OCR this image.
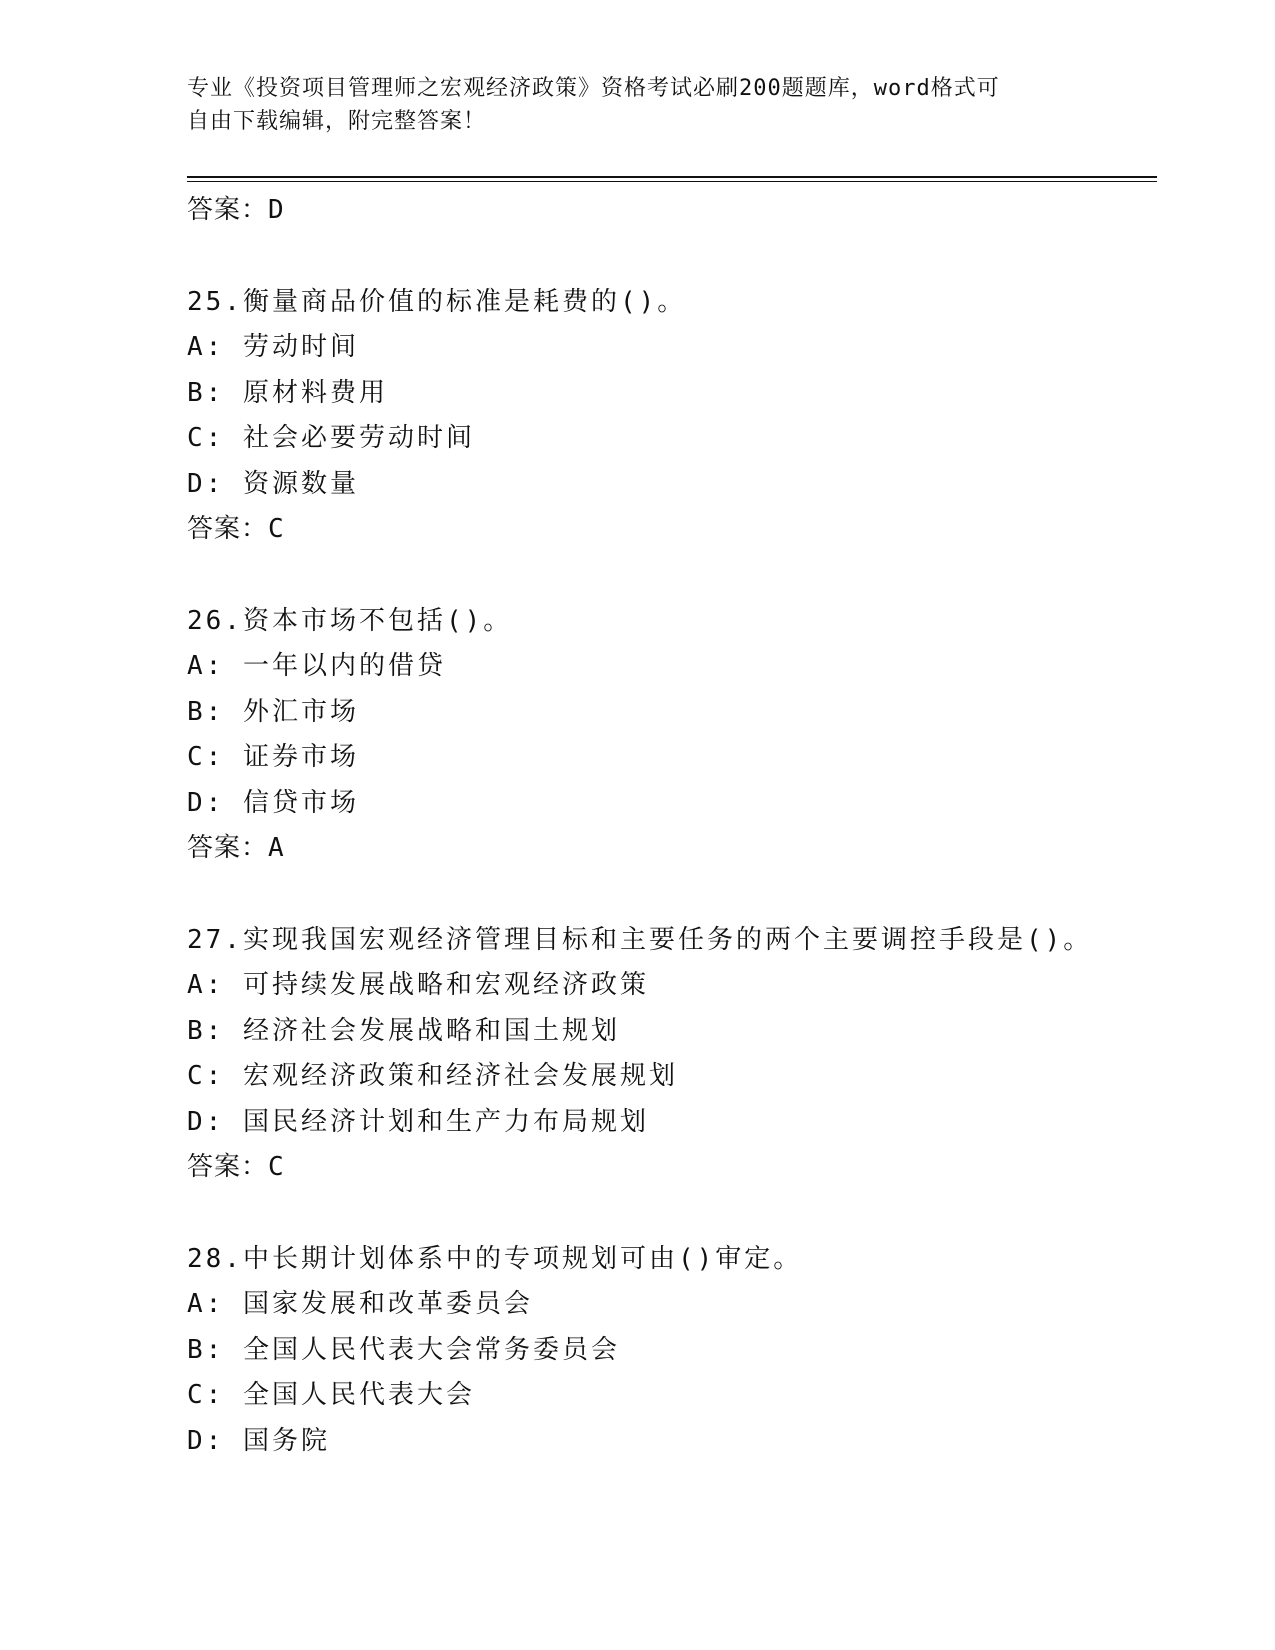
专业《投资项目管理师之宏观经济政策》资格考试必刷200题题库，word格式可

自由下载编辑，附完整答案！

答案：D
25.衡量商品价值的标准是耗费的()。
A: 劳动时间
B: 原材料费用
C: 社会必要劳动时间
D: 资源数量
答案：C
26.资本市场不包括()。
A: 一年以内的借贷
B: 外汇市场
C: 证券市场
D: 信贷市场
答案：A
27.实现我国宏观经济管理目标和主要任务的两个主要调控手段是()。
A: 可持续发展战略和宏观经济政策
B: 经济社会发展战略和国土规划
C: 宏观经济政策和经济社会发展规划
D: 国民经济计划和生产力布局规划
答案：C
28.中长期计划体系中的专项规划可由()审定。
A: 国家发展和改革委员会
B: 全国人民代表大会常务委员会
C: 全国人民代表大会
D: 国务院
